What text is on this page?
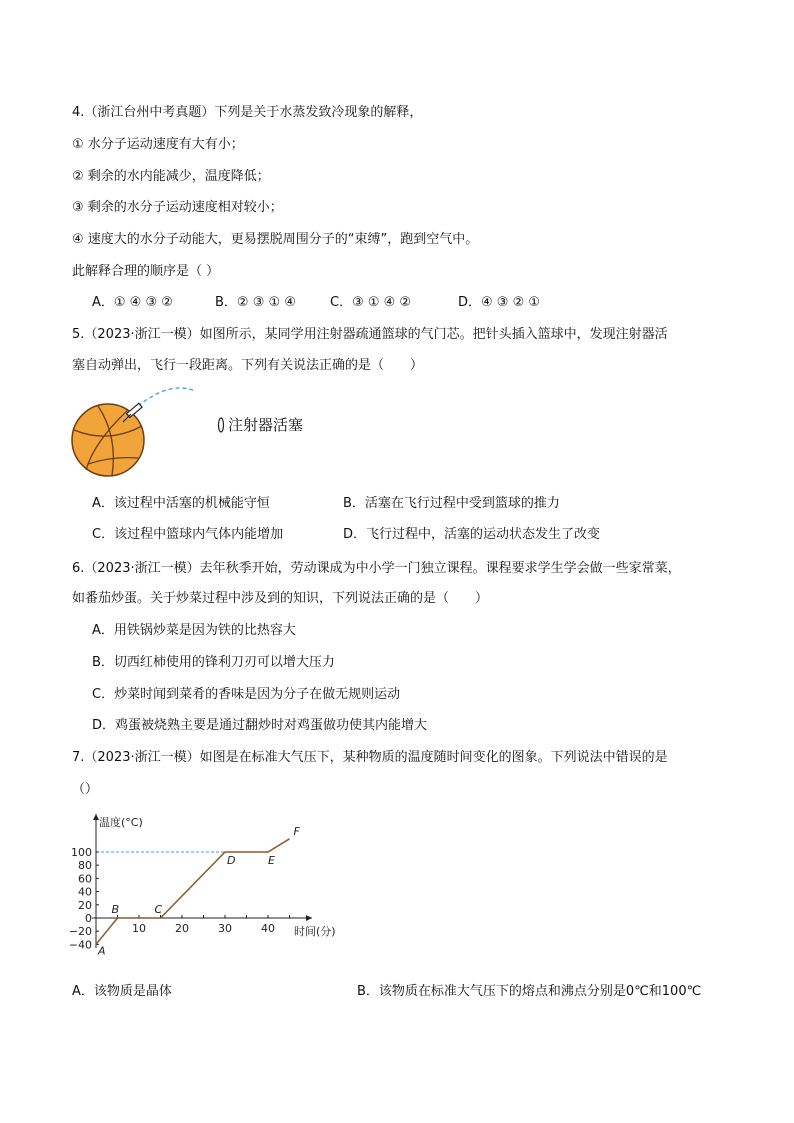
4.（浙江台州中考真题）下列是关于水蒸发致冷现象的解释，
① 水分子运动速度有大有小；
② 剩余的水内能减少，温度降低；
③ 剩余的水分子运动速度相对较小；
④ 速度大的水分子动能大，更易摆脱周围分子的“束缚”，跑到空气中。
此解释合理的顺序是（ ）
A．① ④ ③ ②	B．② ③ ① ④	C．③ ① ④ ②	D．④ ③ ② ①
5.（2023·浙江一模）如图所示，某同学用注射器疏通篮球的气门芯。把针头插入篮球中，发现注射器活
塞自动弹出，飞行一段距离。下列有关说法正确的是（　　）
注射器活塞
A．该过程中活塞的机械能守恒	B．活塞在飞行过程中受到篮球的推力
C．该过程中篮球内气体内能增加	D．飞行过程中，活塞的运动状态发生了改变
6.（2023·浙江一模）去年秋季开始，劳动课成为中小学一门独立课程。课程要求学生学会做一些家常菜，
如番茄炒蛋。关于炒菜过程中涉及到的知识，下列说法正确的是（　　）
A．用铁锅炒菜是因为铁的比热容大
B．切西红柿使用的锋利刀刃可以增大压力
C．炒菜时闻到菜肴的香味是因为分子在做无规则运动
D．鸡蛋被烧熟主要是通过翻炒时对鸡蛋做功使其内能增大
7.（2023·浙江一模）如图是在标准大气压下，某种物质的温度随时间变化的图象。下列说法中错误的是
（）
温度(°C)
时间(分)
100
80
60
40
20
0
−20
−40
10	20	30	40
A
B	C
D	E
F
A．该物质是晶体	B．该物质在标准大气压下的熔点和沸点分别是0℃和100℃
